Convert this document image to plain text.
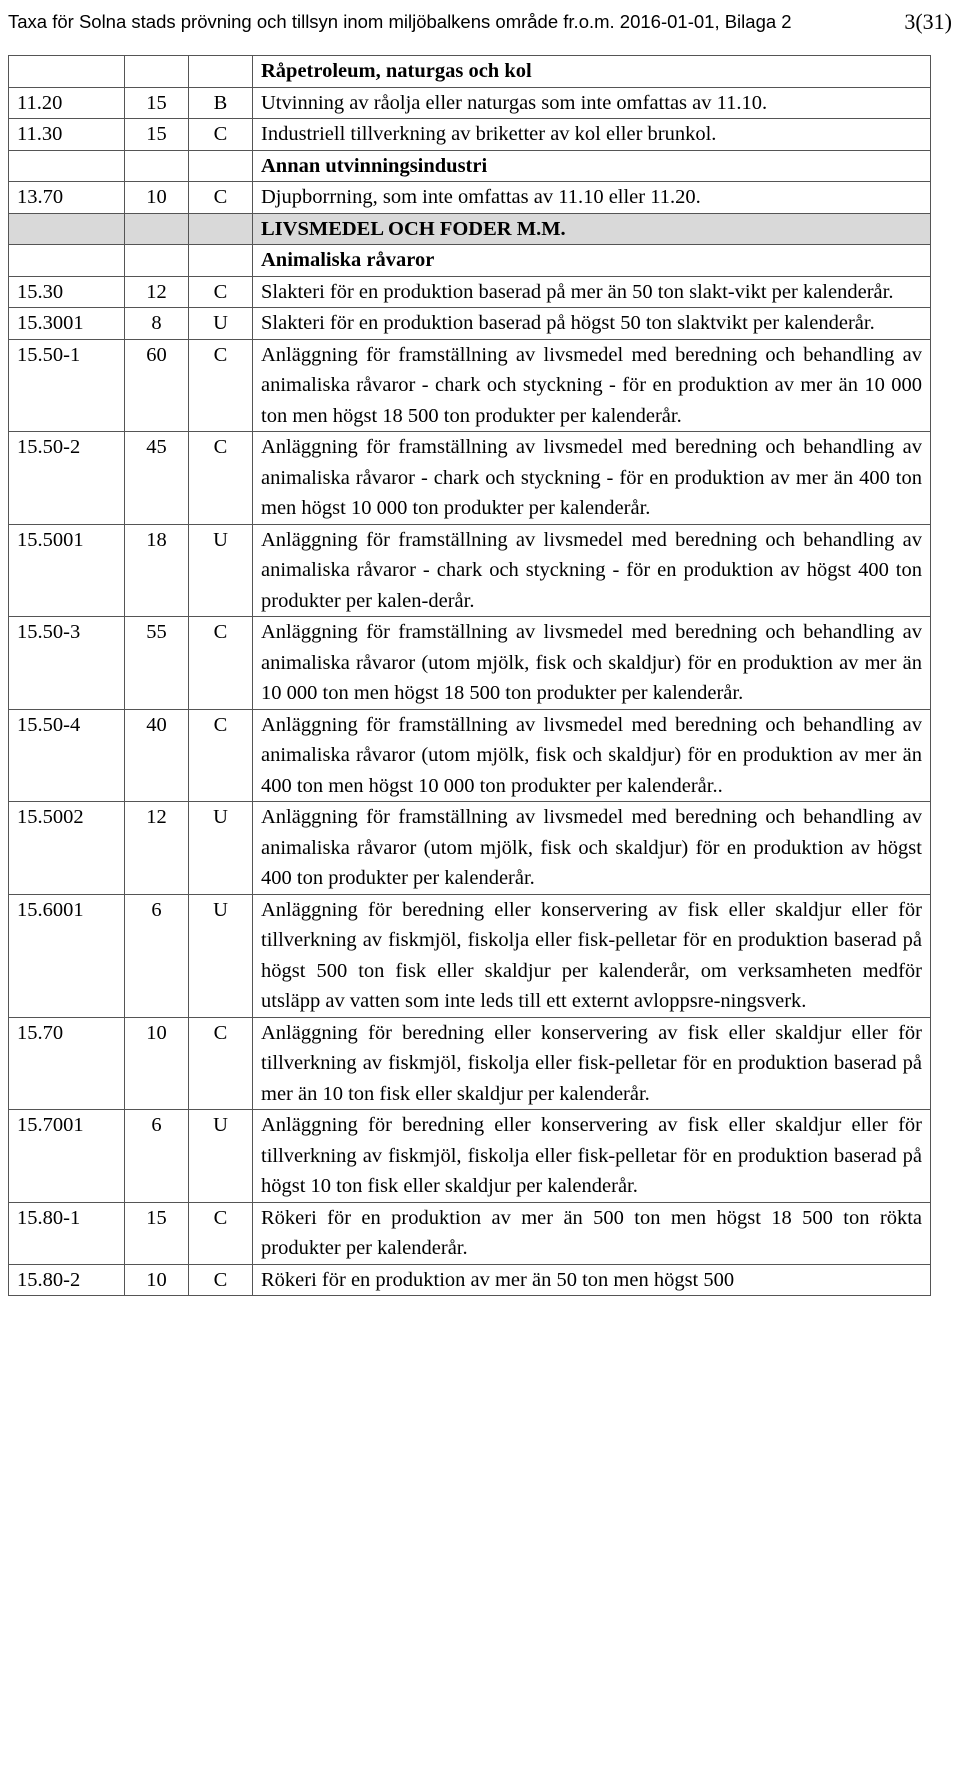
Taxa för Solna stads prövning och tillsyn inom miljöbalkens område fr.o.m. 2016-01-01, Bilaga 2	3(31)
			Råpetroleum, naturgas och kol
11.20	15	B	Utvinning av råolja eller naturgas som inte omfattas av 11.10.
11.30	15	C	Industriell tillverkning av briketter av kol eller brunkol.
			Annan utvinningsindustri
13.70	10	C	Djupborrning, som inte omfattas av 11.10 eller 11.20.
			LIVSMEDEL OCH FODER M.M.
			Animaliska råvaror
15.30	12	C	Slakteri för en produktion baserad på mer än 50 ton slakt-vikt per kalenderår.
15.3001	8	U	Slakteri för en produktion baserad på högst 50 ton slaktvikt per kalenderår.
15.50-1	60	C	Anläggning för framställning av livsmedel med beredning och behandling av animaliska råvaror - chark och styckning - för en produktion av mer än 10 000 ton men högst 18 500 ton produkter per kalenderår.
15.50-2	45	C	Anläggning för framställning av livsmedel med beredning och behandling av animaliska råvaror - chark och styckning - för en produktion av mer än 400 ton men högst 10 000 ton produkter per kalenderår.
15.5001	18	U	Anläggning för framställning av livsmedel med beredning och behandling av animaliska råvaror - chark och styckning - för en produktion av högst 400 ton produkter per kalen-derår.
15.50-3	55	C	Anläggning för framställning av livsmedel med beredning och behandling av animaliska råvaror (utom mjölk, fisk och skaldjur) för en produktion av mer än 10 000 ton men högst 18 500 ton produkter per kalenderår.
15.50-4	40	C	Anläggning för framställning av livsmedel med beredning och behandling av animaliska råvaror (utom mjölk, fisk och skaldjur) för en produktion av mer än 400 ton men högst 10 000 ton produkter per kalenderår..
15.5002	12	U	Anläggning för framställning av livsmedel med beredning och behandling av animaliska råvaror (utom mjölk, fisk och skaldjur) för en produktion av högst 400 ton produkter per kalenderår.
15.6001	6	U	Anläggning för beredning eller konservering av fisk eller skaldjur eller för tillverkning av fiskmjöl, fiskolja eller fisk-pelletar för en produktion baserad på högst 500 ton fisk eller skaldjur per kalenderår, om verksamheten medför utsläpp av vatten som inte leds till ett externt avloppsre-ningsverk.
15.70	10	C	Anläggning för beredning eller konservering av fisk eller skaldjur eller för tillverkning av fiskmjöl, fiskolja eller fisk-pelletar för en produktion baserad på mer än 10 ton fisk eller skaldjur per kalenderår.
15.7001	6	U	Anläggning för beredning eller konservering av fisk eller skaldjur eller för tillverkning av fiskmjöl, fiskolja eller fisk-pelletar för en produktion baserad på högst 10 ton fisk eller skaldjur per kalenderår.
15.80-1	15	C	Rökeri för en produktion av mer än 500 ton men högst 18 500 ton rökta produkter per kalenderår.
15.80-2	10	C	Rökeri för en produktion av mer än 50 ton men högst 500
